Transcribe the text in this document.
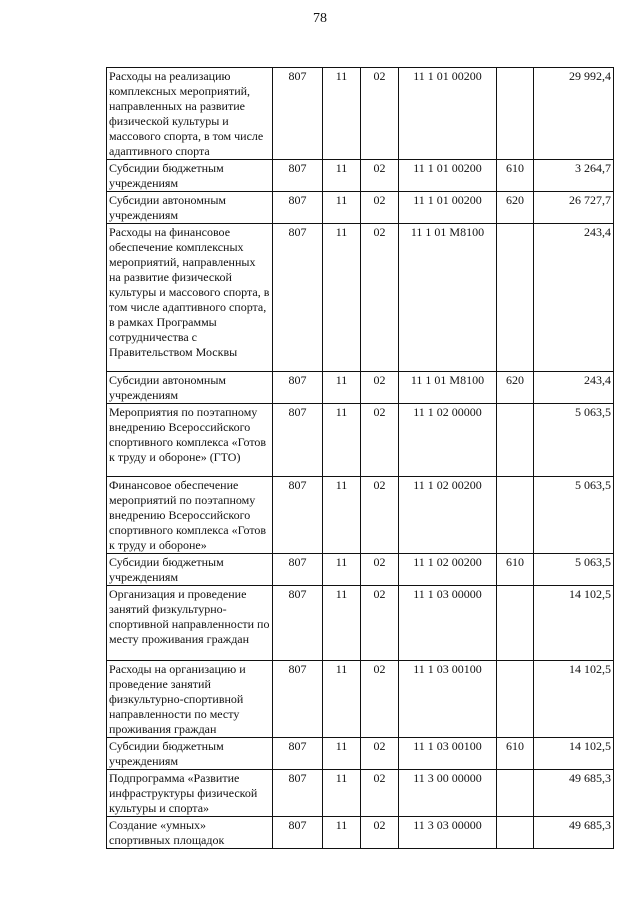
78
Расходы на реализацию комплексных мероприятий, направленных на развитие физической культуры и массового спорта, в том числе адаптивного спорта	807	11	02	11 1 01 00200		29 992,4
Субсидии бюджетным учреждениям	807	11	02	11 1 01 00200	610	3 264,7
Субсидии автономным учреждениям	807	11	02	11 1 01 00200	620	26 727,7
Расходы на финансовое обеспечение комплексных мероприятий, направленных на развитие физической культуры и массового спорта, в том числе адаптивного спорта, в рамках Программы сотрудничества с Правительством Москвы	807	11	02	11 1 01 M8100		243,4
Субсидии автономным учреждениям	807	11	02	11 1 01 M8100	620	243,4
Мероприятия по поэтапному внедрению Всероссийского спортивного комплекса «Готов к труду и обороне» (ГТО)	807	11	02	11 1 02 00000		5 063,5
Финансовое обеспечение мероприятий по поэтапному внедрению Всероссийского спортивного комплекса «Готов к труду и обороне»	807	11	02	11 1 02 00200		5 063,5
Субсидии бюджетным учреждениям	807	11	02	11 1 02 00200	610	5 063,5
Организация и проведение занятий физкультурно-спортивной направленности по месту проживания граждан	807	11	02	11 1 03 00000		14 102,5
Расходы на организацию и проведение занятий физкультурно-спортивной направленности по месту проживания граждан	807	11	02	11 1 03 00100		14 102,5
Субсидии бюджетным учреждениям	807	11	02	11 1 03 00100	610	14 102,5
Подпрограмма «Развитие инфраструктуры физической культуры и спорта»	807	11	02	11 3 00 00000		49 685,3
Создание «умных» спортивных площадок	807	11	02	11 3 03 00000		49 685,3
